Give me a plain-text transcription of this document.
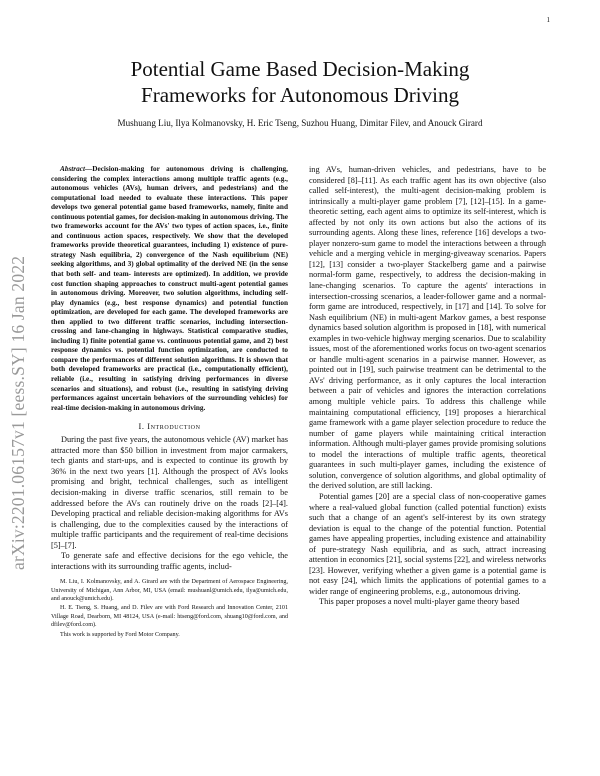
1
arXiv:2201.06157v1 [eess.SY] 16 Jan 2022
Potential Game Based Decision-Making
Frameworks for Autonomous Driving
Mushuang Liu, Ilya Kolmanovsky, H. Eric Tseng, Suzhou Huang, Dimitar Filev, and Anouck Girard

Abstract—Decision-making for autonomous driving is challenging, considering the complex interactions among multiple traffic agents (e.g., autonomous vehicles (AVs), human drivers, and pedestrians) and the computational load needed to evaluate these interactions. This paper develops two general potential game based frameworks, namely, finite and continuous potential games, for decision-making in autonomous driving. The two frameworks account for the AVs' two types of action spaces, i.e., finite and continuous action spaces, respectively. We show that the developed frameworks provide theoretical guarantees, including 1) existence of pure-strategy Nash equilibria, 2) convergence of the Nash equilibrium (NE) seeking algorithms, and 3) global optimality of the derived NE (in the sense that both self- and team- interests are optimized). In addition, we provide cost function shaping approaches to construct multi-agent potential games in autonomous driving. Moreover, two solution algorithms, including self-play dynamics (e.g., best response dynamics) and potential function optimization, are developed for each game. The developed frameworks are then applied to two different traffic scenarios, including intersection-crossing and lane-changing in highways. Statistical comparative studies, including 1) finite potential game vs. continuous potential game, and 2) best response dynamics vs. potential function optimization, are conducted to compare the performances of different solution algorithms. It is shown that both developed frameworks are practical (i.e., computationally efficient), reliable (i.e., resulting in satisfying driving performances in diverse scenarios and situations), and robust (i.e., resulting in satisfying driving performances against uncertain behaviors of the surrounding vehicles) for real-time decision-making in autonomous driving.

I. Introduction

During the past five years, the autonomous vehicle (AV) market has attracted more than $50 billion in investment from major carmakers, tech giants and start-ups, and is expected to continue its growth by 36% in the next two years [1]. Although the prospect of AVs looks promising and bright, technical challenges, such as intelligent decision-making in diverse traffic scenarios, still remain to be addressed before the AVs can routinely drive on the roads [2]–[4]. Developing practical and reliable decision-making algorithms for AVs is challenging, due to the complexities caused by the interactions of multiple traffic participants and the requirement of real-time decisions [5]–[7].

To generate safe and effective decisions for the ego vehicle, the interactions with its surrounding traffic agents, includ-

M. Liu, I. Kolmanovsky, and A. Girard are with the Department of Aerospace Engineering, University of Michigan, Ann Arbor, MI, USA (email: mushuanl@umich.edu, ilya@umich.edu, and anouck@umich.edu).

H. E. Tseng, S. Huang, and D. Filev are with Ford Research and Innovation Center, 2101 Village Road, Dearborn, MI 48124, USA (e-mail: htseng@ford.com, shuang10@ford.com, and dfilev@ford.com).

This work is supported by Ford Motor Company.

ing AVs, human-driven vehicles, and pedestrians, have to be considered [8]–[11]. As each traffic agent has its own objective (also called self-interest), the multi-agent decision-making problem is intrinsically a multi-player game problem [7], [12]–[15]. In a game-theoretic setting, each agent aims to optimize its self-interest, which is affected by not only its own actions but also the actions of its surrounding agents. Along these lines, reference [16] develops a two-player nonzero-sum game to model the interactions between a through vehicle and a merging vehicle in merging-giveaway scenarios. Papers [12], [13] consider a two-player Stackelberg game and a pairwise normal-form game, respectively, to address the decision-making in lane-changing scenarios. To capture the agents' interactions in intersection-crossing scenarios, a leader-follower game and a normal-form game are introduced, respectively, in [17] and [14]. To solve for Nash equilibrium (NE) in multi-agent Markov games, a best response dynamics based solution algorithm is proposed in [18], with numerical examples in two-vehicle highway merging scenarios. Due to scalability issues, most of the aforementioned works focus on two-agent scenarios or handle multi-agent scenarios in a pairwise manner. However, as pointed out in [19], such pairwise treatment can be detrimental to the AVs' driving performance, as it only captures the local interaction between a pair of vehicles and ignores the interaction correlations among multiple vehicle pairs. To address this challenge while maintaining computational efficiency, [19] proposes a hierarchical game framework with a game player selection procedure to reduce the number of game players while maintaining critical interaction information. Although multi-player games provide promising solutions to model the interactions of multiple traffic agents, theoretical guarantees in such multi-player games, including the existence of solution, convergence of solution algorithms, and global optimality of the derived solution, are still lacking.

Potential games [20] are a special class of non-cooperative games where a real-valued global function (called potential function) exists such that a change of an agent's self-interest by its own strategy deviation is equal to the change of the potential function. Potential games have appealing properties, including existence and attainability of pure-strategy Nash equilibria, and as such, attract increasing attention in economics [21], social systems [22], and wireless networks [23]. However, verifying whether a given game is a potential game is not easy [24], which limits the applications of potential games to a wider range of engineering problems, e.g., autonomous driving.

This paper proposes a novel multi-player game theory based
